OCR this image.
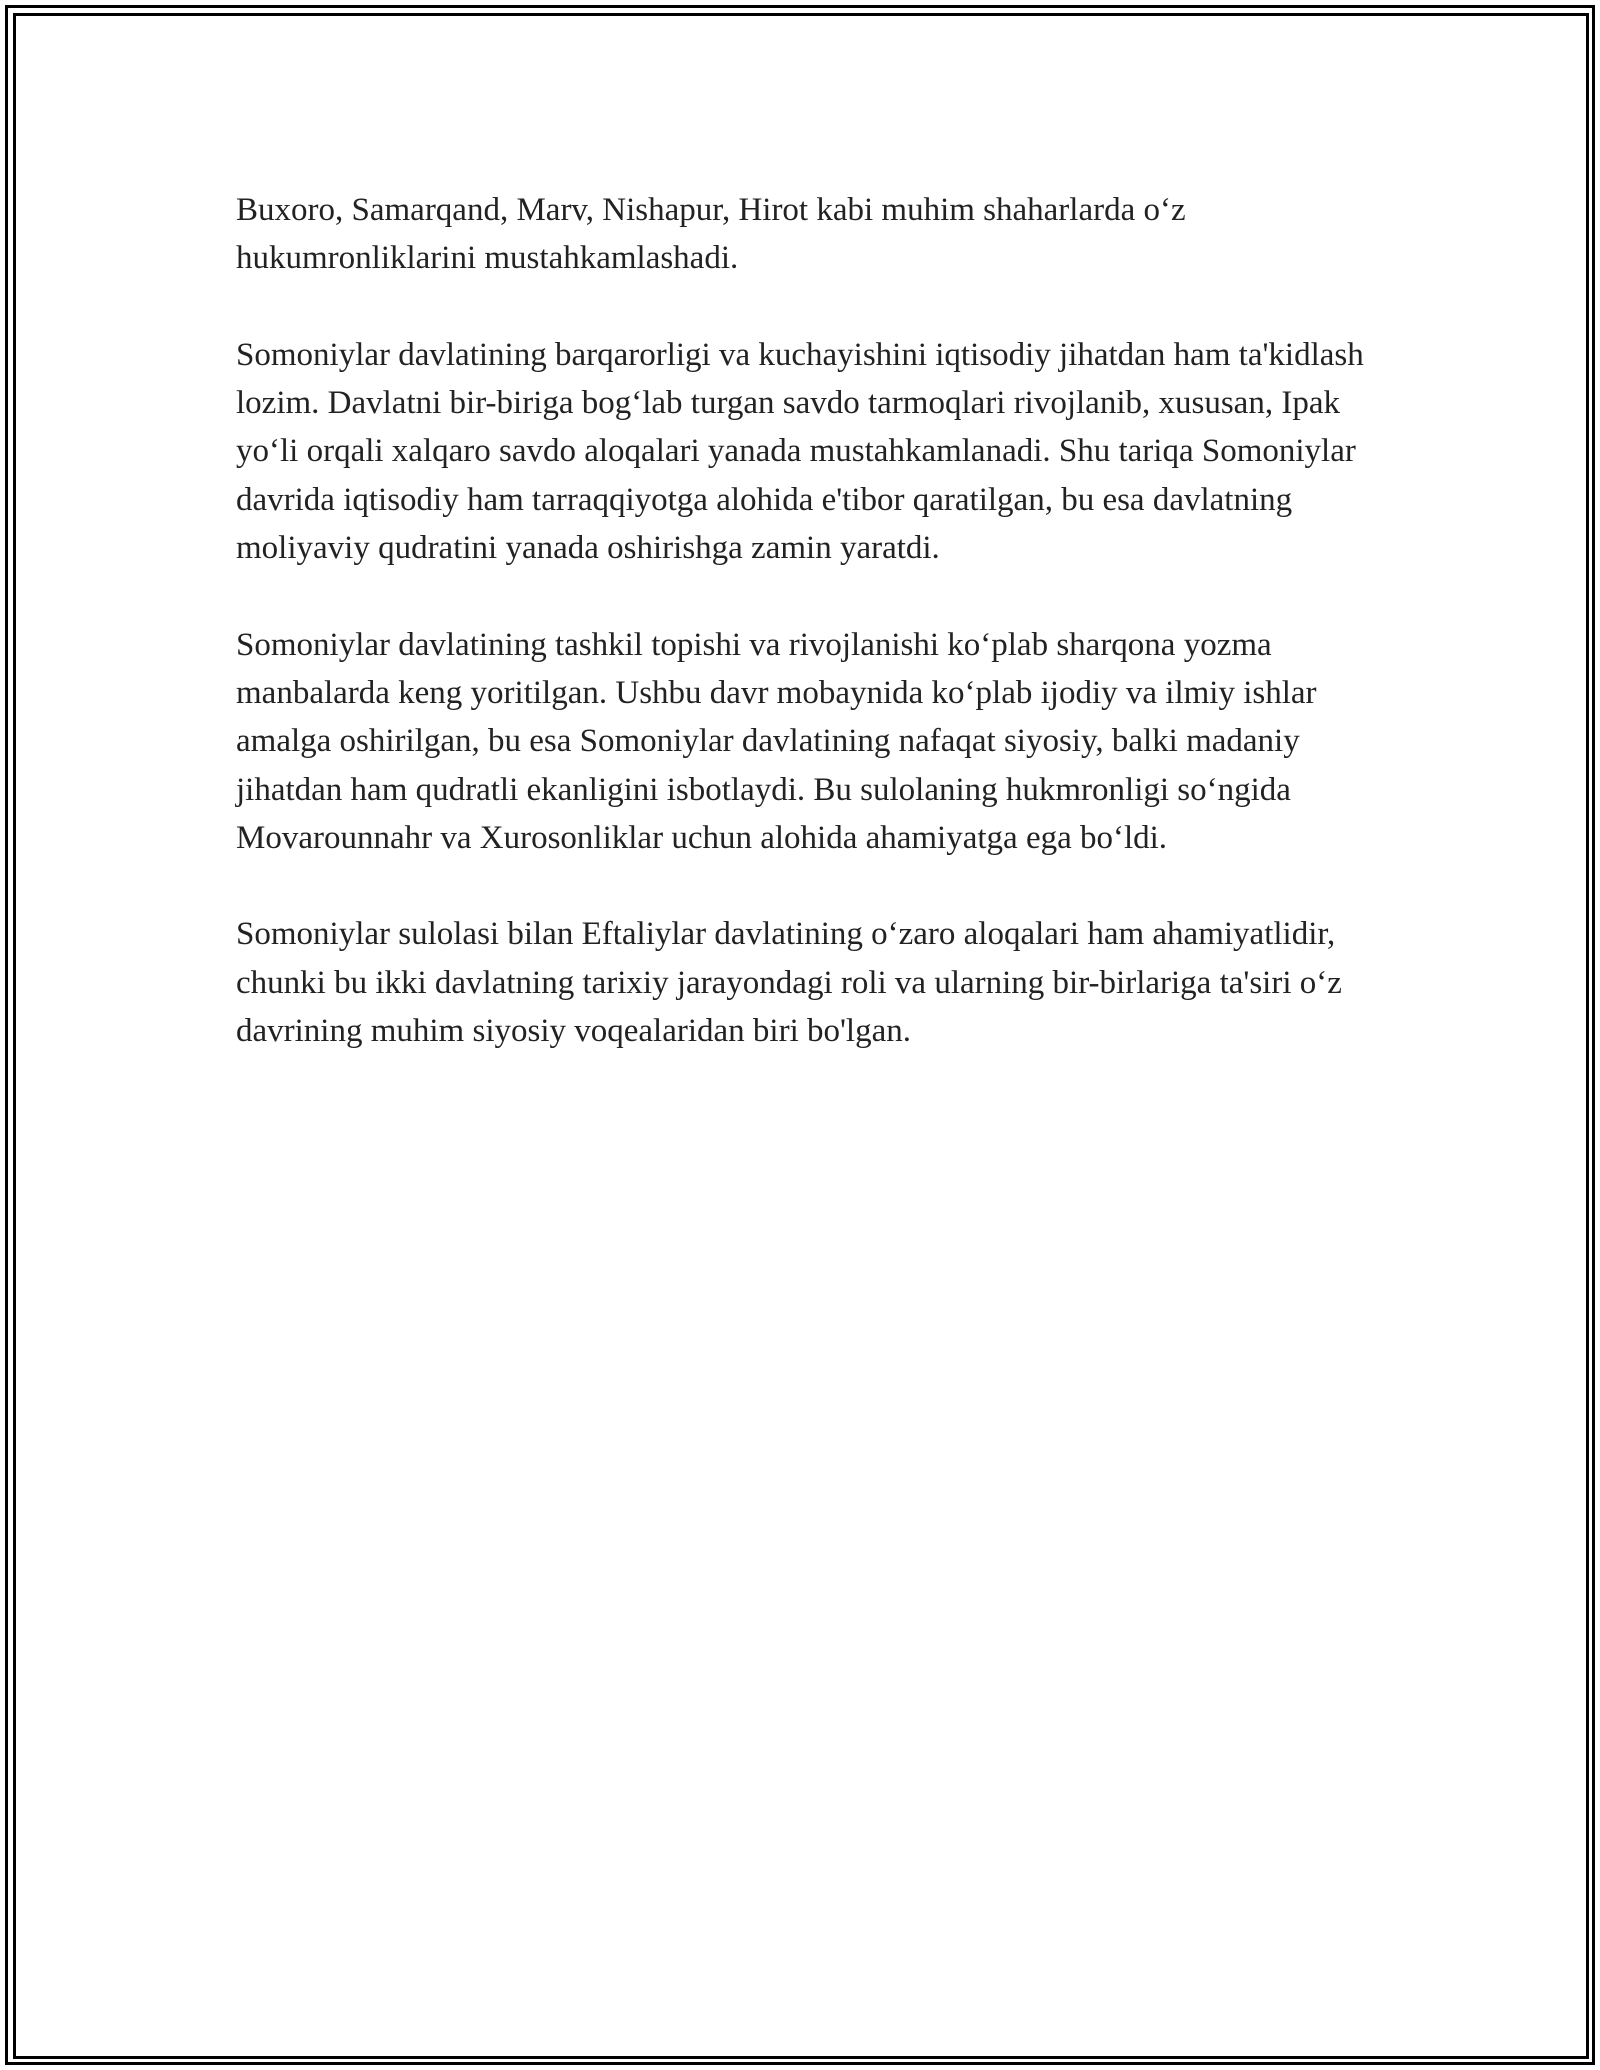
Buxoro, Samarqand, Marv, Nishapur, Hirot kabi muhim shaharlarda o‘z hukumronliklarini mustahkamlashadi.

Somoniylar davlatining barqarorligi va kuchayishini iqtisodiy jihatdan ham ta'kidlash lozim. Davlatni bir-biriga bog‘lab turgan savdo tarmoqlari rivojlanib, xususan, Ipak yo‘li orqali xalqaro savdo aloqalari yanada mustahkamlanadi. Shu tariqa Somoniylar davrida iqtisodiy ham tarraqqiyotga alohida e'tibor qaratilgan, bu esa davlatning moliyaviy qudratini yanada oshirishga zamin yaratdi.

Somoniylar davlatining tashkil topishi va rivojlanishi ko‘plab sharqona yozma manbalarda keng yoritilgan. Ushbu davr mobaynida ko‘plab ijodiy va ilmiy ishlar amalga oshirilgan, bu esa Somoniylar davlatining nafaqat siyosiy, balki madaniy jihatdan ham qudratli ekanligini isbotlaydi. Bu sulolaning hukmronligi so‘ngida Movarounnahr va Xurosonliklar uchun alohida ahamiyatga ega bo‘ldi.

Somoniylar sulolasi bilan Eftaliylar davlatining o‘zaro aloqalari ham ahamiyatlidir, chunki bu ikki davlatning tarixiy jarayondagi roli va ularning bir-birlariga ta'siri o‘z davrining muhim siyosiy voqealaridan biri bo'lgan.
